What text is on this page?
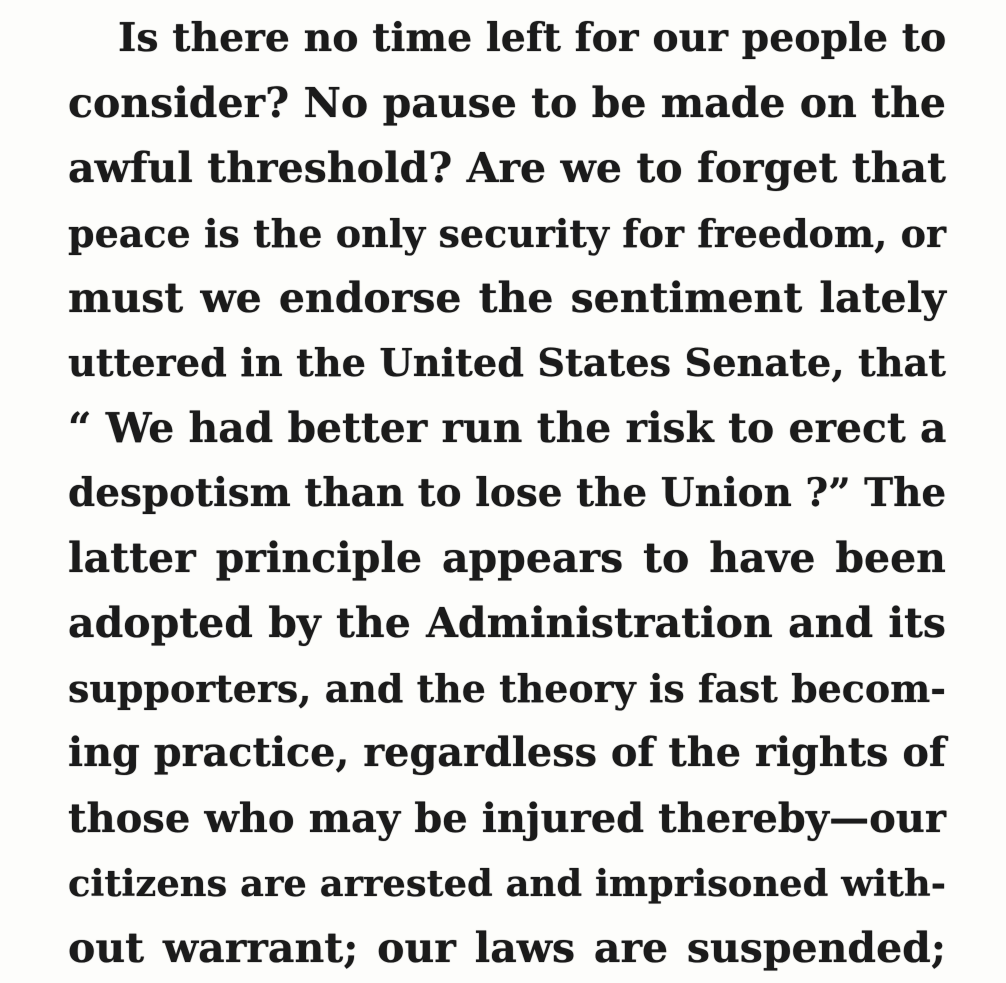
Is there no time left for our people to
consider? No pause to be made on the
awful threshold? Are we to forget that
peace is the only security for freedom, or
must we endorse the sentiment lately
uttered in the United States Senate, that
“ We had better run the risk to erect a
despotism than to lose the Union ?” The
latter principle appears to have been
adopted by the Administration and its
supporters, and the theory is fast becom-
ing practice, regardless of the rights of
those who may be injured thereby—our
citizens are arrested and imprisoned with-
out warrant; our laws are suspended;
